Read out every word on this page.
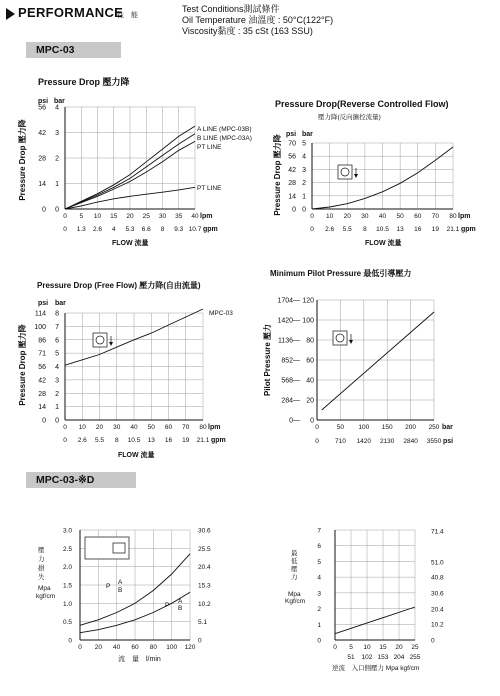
PERFORMANCE
性　能
Test Conditions測試條件
Oil Temperature 油溫度 : 50°C(122°F)
Viscosity黏度 : 35 cSt (163 SSU)
MPC-03
MPC-03-※D
Pressure Drop 壓力降
psi bar
0
0
1
14
2
28
3
42
4
56
0
0
5
1.3
10
2.6
15
4
20
5.3
25
6.6
30
8
35
9.3
40
10.7
lpm
gpm
FLOW 流量
Pressure Drop 壓力降	A LINE (MPC-03B)
B LINE (MPC-03A)
PT LINE
PT LINE
Pressure Drop(Reverse Controlled Flow)
壓力降(反向擴控流量)
psi bar
0
0
1
14
2
28
3
42
4
56
5
70
0
0
10
2.6
20
5.5
30
8
40
10.5
50
13
60
16
70
19
80
21.1
lpm
gpm
FLOW 流量
Pressure Drop 壓力降
Pressure Drop (Free Flow) 壓力降(自由流量)
psi bar
0
0
1
14
2
28
3
42
4
56
5
71
6
86
7
100
8
114
0
0
10
2.6
20
5.5
30
8
40
10.5
50
13
60
16
70
19
80
21.1
lpm
gpm
FLOW 流量
Pressure Drop 壓力降
MPC-03
Minimum Pilot Pressure 最低引導壓力
0
—
0
20
—
284
40
—
568
60
—
852
80
—
1136
100
—
1420
120
—
1704
0
0
50
710
100
1420
150
2130
200
2840
250
3550
bar
psi
Pilot Pressure 壓力
0	0
0.5	5.1
1.0	10.2
1.5	15.3
2.0	20.4
2.5	25.5
3.0	30.6
0 20 40 60 80 100 120
流　量　l/min
壓
力
損
失
Mpa
kgf/cm
P
A
B
P
A
B
0
1
2
3
4
5
6
7
0
10.2
20.4
30.6
40.8
51.0
71.4
0 5 10 15 20 25
51 102 153 204 255
逆流　入口側壓力 Mpa kgf/cm
最
低
壓
力
Mpa
Kgf/cm
